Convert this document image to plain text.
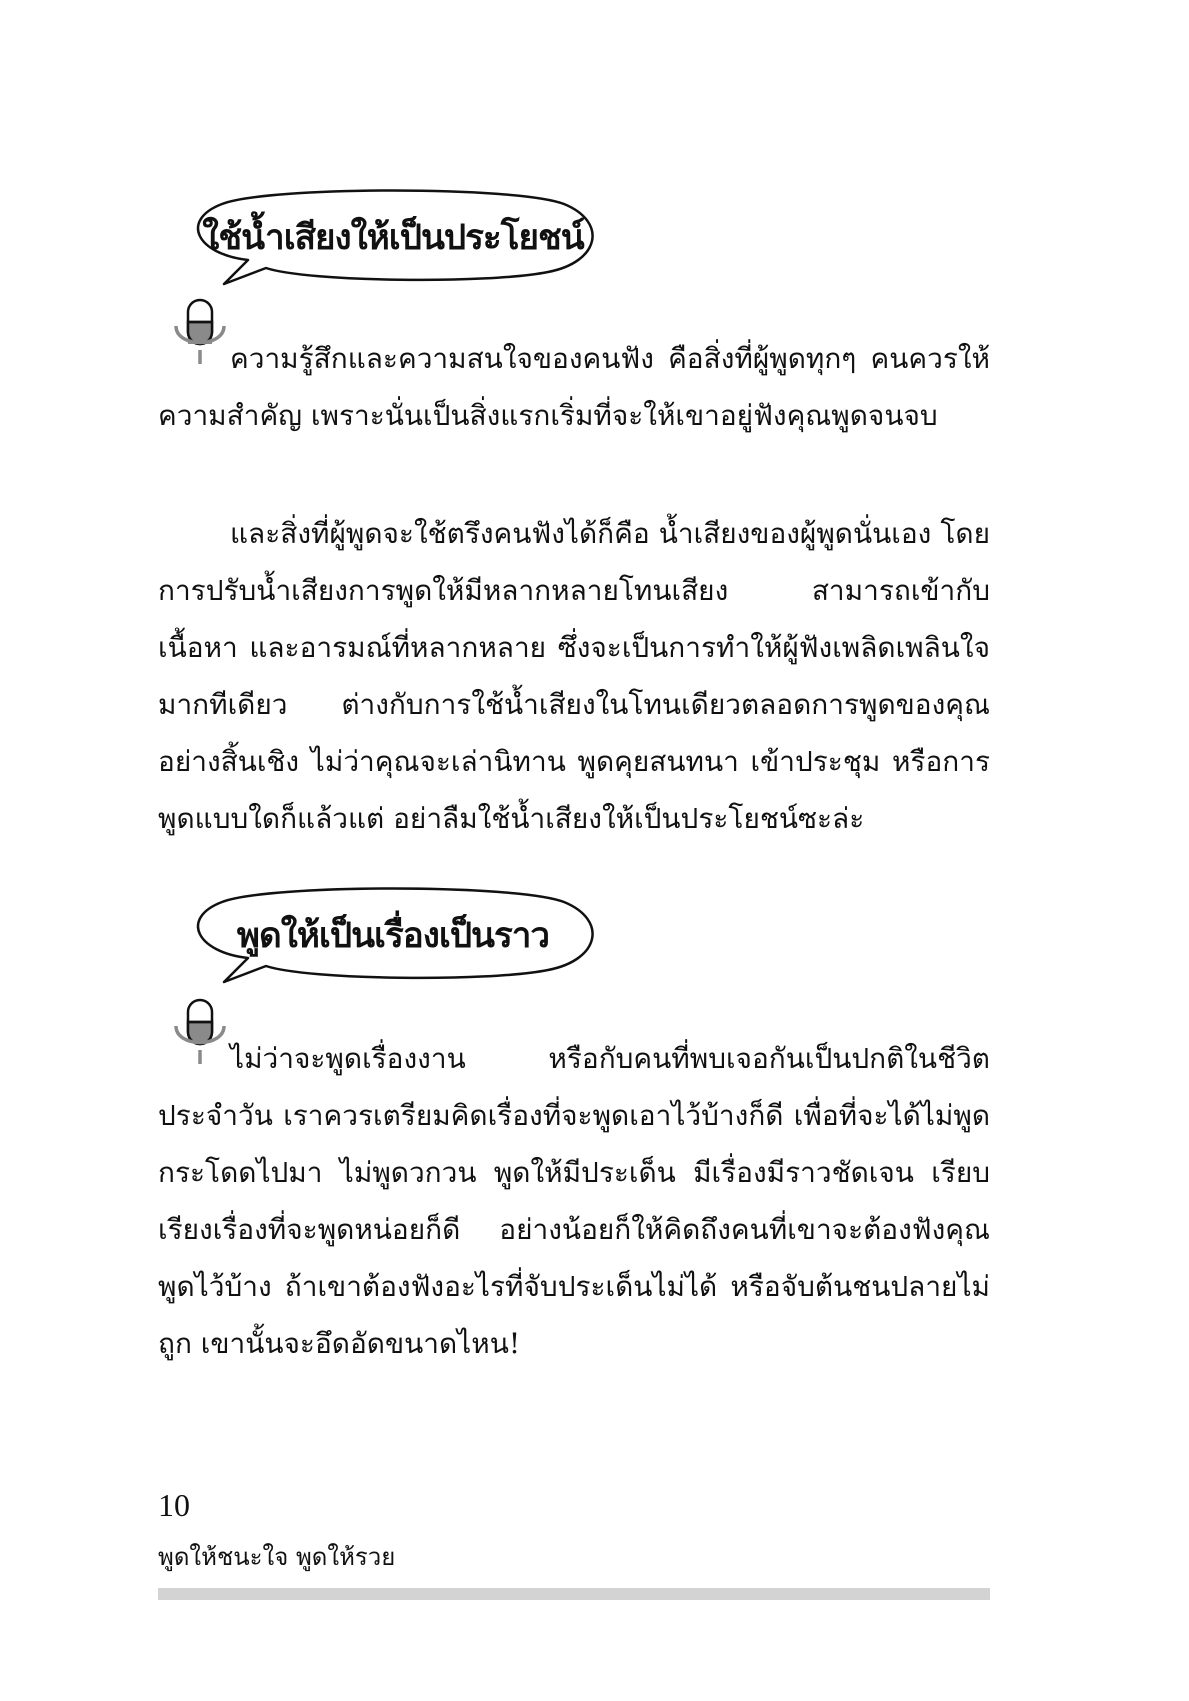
ใช้น้ำเสียงให้เป็นประโยชน์

ความรู้สึกและความสนใจของคนฟัง คือสิ่งที่ผู้พูดทุกๆ คนควรให้ความสำคัญ เพราะนั่นเป็นสิ่งแรกเริ่มที่จะให้เขาอยู่ฟังคุณพูดจนจบ

และสิ่งที่ผู้พูดจะใช้ตรึงคนฟังได้ก็คือ น้ำเสียงของผู้พูดนั่นเอง โดยการปรับน้ำเสียงการพูดให้มีหลากหลายโทนเสียง สามารถเข้ากับเนื้อหา และอารมณ์ที่หลากหลาย ซึ่งจะเป็นการทำให้ผู้ฟังเพลิดเพลินใจมากทีเดียว ต่างกับการใช้น้ำเสียงในโทนเดียวตลอดการพูดของคุณอย่างสิ้นเชิง ไม่ว่าคุณจะเล่านิทาน พูดคุยสนทนา เข้าประชุม หรือการพูดแบบใดก็แล้วแต่ อย่าลืมใช้น้ำเสียงให้เป็นประโยชน์ซะล่ะ

พูดให้เป็นเรื่องเป็นราว

ไม่ว่าจะพูดเรื่องงาน หรือกับคนที่พบเจอกันเป็นปกติในชีวิตประจำวัน เราควรเตรียมคิดเรื่องที่จะพูดเอาไว้บ้างก็ดี เพื่อที่จะได้ไม่พูดกระโดดไปมา ไม่พูดวกวน พูดให้มีประเด็น มีเรื่องมีราวชัดเจน เรียบเรียงเรื่องที่จะพูดหน่อยก็ดี อย่างน้อยก็ให้คิดถึงคนที่เขาจะต้องฟังคุณพูดไว้บ้าง ถ้าเขาต้องฟังอะไรที่จับประเด็นไม่ได้ หรือจับต้นชนปลายไม่ถูก เขานั้นจะอึดอัดขนาดไหน!

10
พูดให้ชนะใจ พูดให้รวย
